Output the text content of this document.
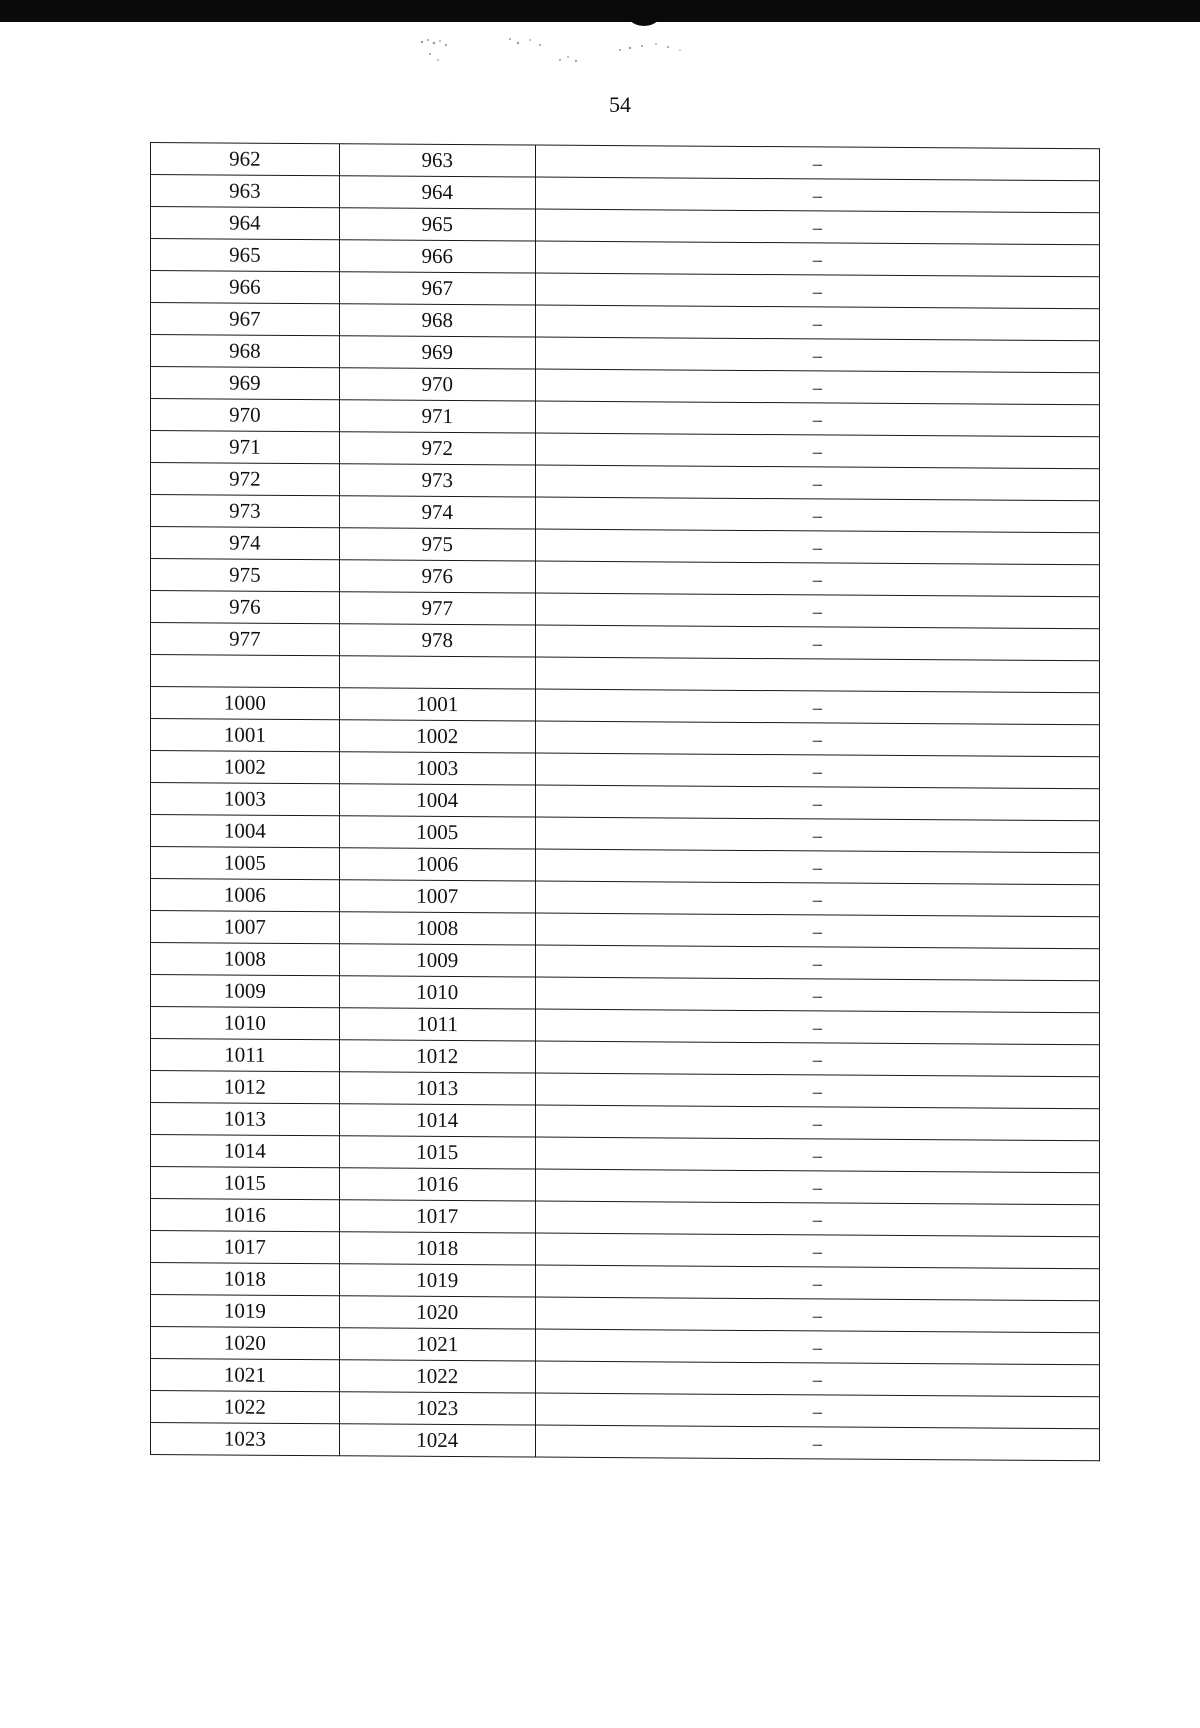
54
962	963	–
963	964	–
964	965	–
965	966	–
966	967	–
967	968	–
968	969	–
969	970	–
970	971	–
971	972	–
972	973	–
973	974	–
974	975	–
975	976	–
976	977	–
977	978	–

1000	1001	–
1001	1002	–
1002	1003	–
1003	1004	–
1004	1005	–
1005	1006	–
1006	1007	–
1007	1008	–
1008	1009	–
1009	1010	–
1010	1011	–
1011	1012	–
1012	1013	–
1013	1014	–
1014	1015	–
1015	1016	–
1016	1017	–
1017	1018	–
1018	1019	–
1019	1020	–
1020	1021	–
1021	1022	–
1022	1023	–
1023	1024	–
